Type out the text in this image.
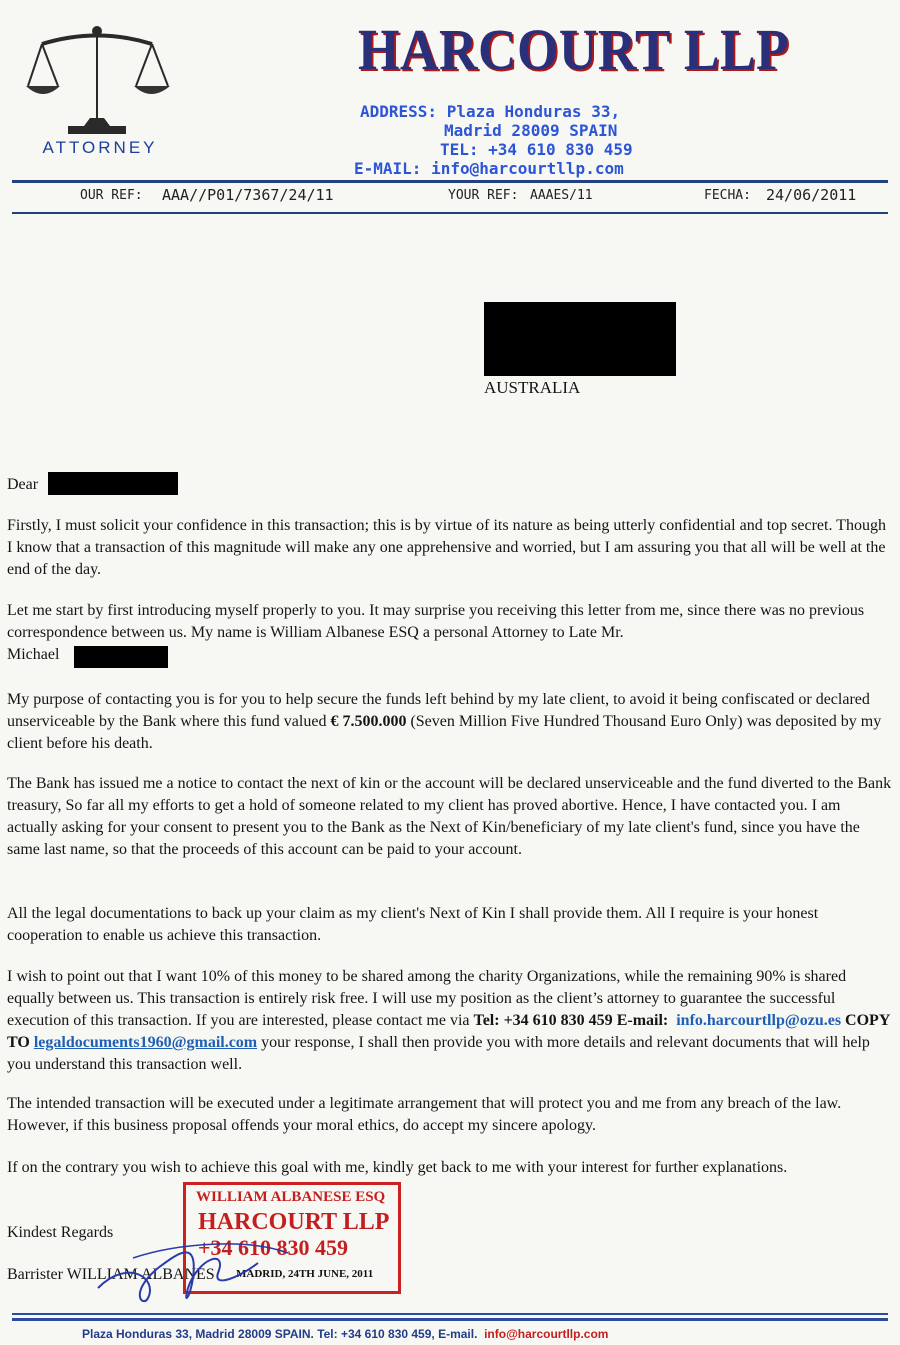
ATTORNEY
HARCOURT LLP
ADDRESS: Plaza Honduras 33,
Madrid 28009 SPAIN
TEL: +34 610 830 459
E-MAIL: info@harcourtllp.com
OUR REF: AAA//P01/7367/24/11	YOUR REF: AAAES/11	FECHA: 24/06/2011
AUSTRALIA
Dear
Firstly, I must solicit your confidence in this transaction; this is by virtue of its nature as being utterly confidential and top secret. Though I know that a transaction of this magnitude will make any one apprehensive and worried, but I am assuring you that all will be well at the end of the day.
Let me start by first introducing myself properly to you. It may surprise you receiving this letter from me, since there was no previous correspondence between us. My name is William Albanese ESQ a personal Attorney to Late Mr.
Michael
My purpose of contacting you is for you to help secure the funds left behind by my late client, to avoid it being confiscated or declared unserviceable by the Bank where this fund valued € 7.500.000 (Seven Million Five Hundred Thousand Euro Only) was deposited by my client before his death.
The Bank has issued me a notice to contact the next of kin or the account will be declared unserviceable and the fund diverted to the Bank treasury, So far all my efforts to get a hold of someone related to my client has proved abortive. Hence, I have contacted you. I am actually asking for your consent to present you to the Bank as the Next of Kin/beneficiary of my late client's fund, since you have the same last name, so that the proceeds of this account can be paid to your account.
All the legal documentations to back up your claim as my client's Next of Kin I shall provide them. All I require is your honest cooperation to enable us achieve this transaction.
I wish to point out that I want 10% of this money to be shared among the charity Organizations, while the remaining 90% is shared equally between us. This transaction is entirely risk free. I will use my position as the client’s attorney to guarantee the successful execution of this transaction. If you are interested, please contact me via Tel: +34 610 830 459 E-mail: info.harcourtllp@ozu.es COPY TO legaldocuments1960@gmail.com your response, I shall then provide you with more details and relevant documents that will help you understand this transaction well.
The intended transaction will be executed under a legitimate arrangement that will protect you and me from any breach of the law. However, if this business proposal offends your moral ethics, do accept my sincere apology.
If on the contrary you wish to achieve this goal with me, kindly get back to me with your interest for further explanations.
Kindest Regards
Barrister WILLIAM ALBANES
WILLIAM ALBANESE ESQ
HARCOURT LLP
+34 610 830 459
MADRID, 24TH JUNE, 2011
Plaza Honduras 33, Madrid 28009 SPAIN. Tel: +34 610 830 459, E-mail. info@harcourtllp.com
